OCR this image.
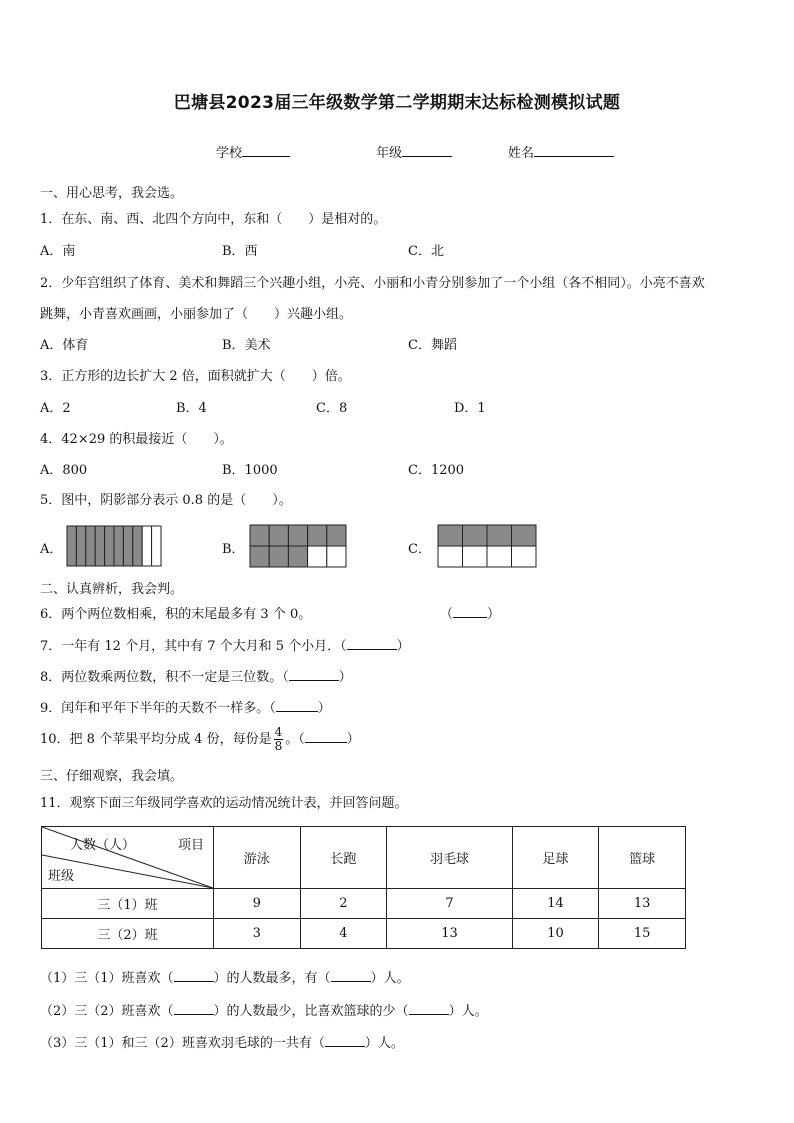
巴塘县2023届三年级数学第二学期期末达标检测模拟试题
学校	年级	姓名
一、用心思考，我会选。
1．在东、南、西、北四个方向中，东和（　　）是相对的。
A．南	B．西	C．北
2．少年宫组织了体育、美术和舞蹈三个兴趣小组，小亮、小丽和小青分别参加了一个小组（各不相同）。小亮不喜欢
跳舞，小青喜欢画画，小丽参加了（　　）兴趣小组。
A．体育	B．美术	C．舞蹈
3．正方形的边长扩大 2 倍，面积就扩大（　　）倍。
A．2	B．4	C．8	D．1
4．42×29 的积最接近（　　）。
A．800	B．1000	C．1200
5．图中，阴影部分表示 0.8 的是（　　）。
A．	B．	C．
二、认真辨析，我会判。
6．两个两位数相乘，积的末尾最多有 3 个 0。	（	）
7．一年有 12 个月，其中有 7 个大月和 5 个小月．（	）
8．两位数乘两位数，积不一定是三位数。（	）
9．闰年和平年下半年的天数不一样多。（	）
10．把 8 个苹果平均分成 4 份，每份是 $\frac{4}{8}$ 。（	）
三、仔细观察，我会填。
11．观察下面三年级同学喜欢的运动情况统计表，并回答问题。
人数（人） 项目
班级	游泳	长跑	羽毛球	足球	篮球
三（1）班	9	2	7	14	13
三（2）班	3	4	13	10	15
（1）三（1）班喜欢（	）的人数最多，有（	）人。
（2）三（2）班喜欢（	）的人数最少，比喜欢篮球的少（	）人。
（3）三（1）和三（2）班喜欢羽毛球的一共有（	）人。
